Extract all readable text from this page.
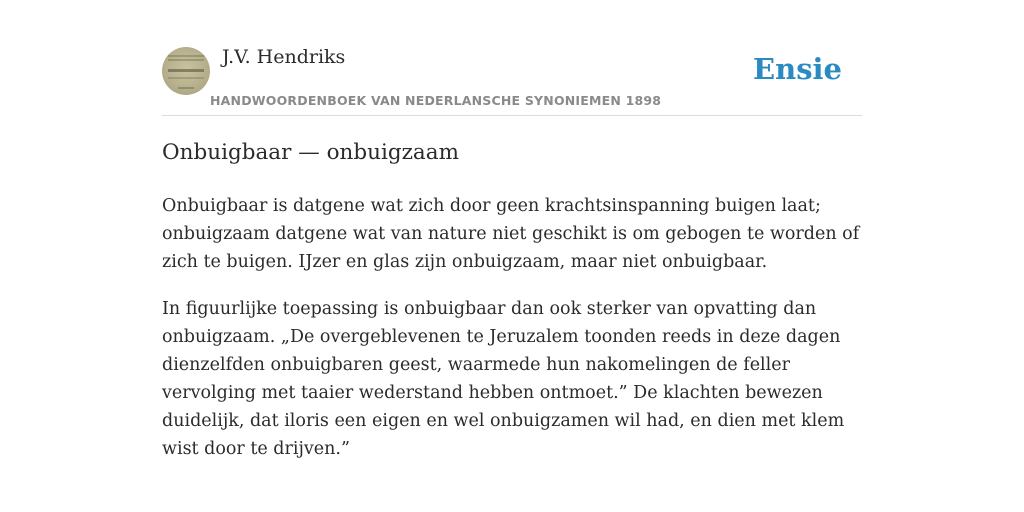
J.V. Hendriks
HANDWOORDENBOEK VAN NEDERLANSCHE SYNONIEMEN 1898
Ensie
Onbuigbaar — onbuigzaam

Onbuigbaar is datgene wat zich door geen krachtsinspanning buigen laat; onbuigzaam datgene wat van nature niet geschikt is om gebogen te worden of zich te buigen. IJzer en glas zijn onbuigzaam, maar niet onbuigbaar.

In figuurlijke toepassing is onbuigbaar dan ook sterker van opvatting dan onbuigzaam. „De overgeblevenen te Jeruzalem toonden reeds in deze dagen dienzelfden onbuigbaren geest, waarmede hun nakomelingen de feller vervolging met taaier wederstand hebben ontmoet.” De klachten bewezen duidelijk, dat iloris een eigen en wel onbuigzamen wil had, en dien met klem wist door te drijven.”
